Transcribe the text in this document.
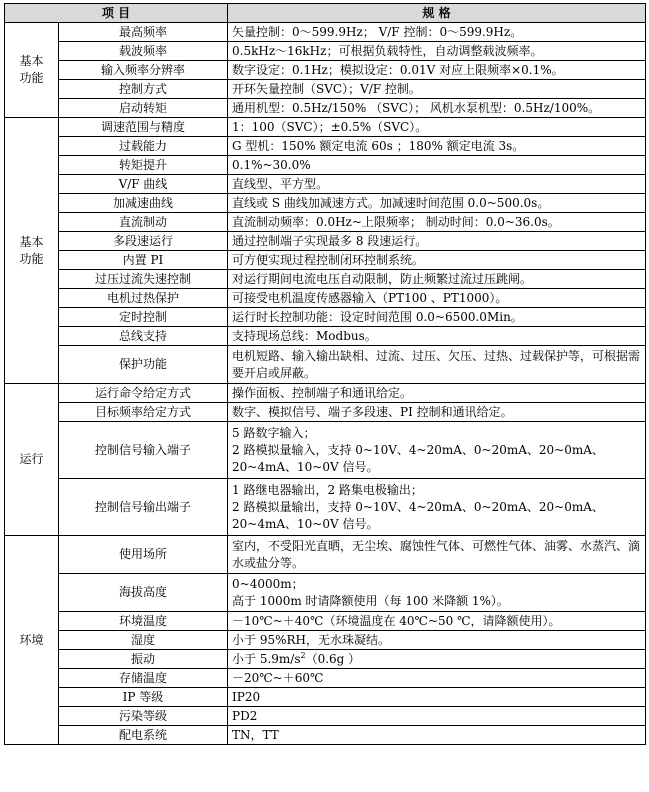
项 目		规 格
基本
功能	最高频率	矢量控制：0～599.9Hz； V/F 控制：0～599.9Hz。
	载波频率	0.5kHz～16kHz；可根据负载特性，自动调整载波频率。
	输入频率分辨率	数字设定：0.1Hz；模拟设定：0.01V 对应上限频率×0.1%。
	控制方式	开环矢量控制（SVC）；V/F 控制。
	启动转矩	通用机型：0.5Hz/150% （SVC）； 风机水泵机型：0.5Hz/100%。
基本
功能	调速范围与精度	1：100（SVC）；±0.5%（SVC）。
	过载能力	G 型机：150% 额定电流 60s ；180% 额定电流 3s。
	转矩提升	0.1%~30.0%
	V/F 曲线	直线型、平方型。
	加减速曲线	直线或 S 曲线加减速方式。加减速时间范围 0.0~500.0s。
	直流制动	直流制动频率：0.0Hz~上限频率； 制动时间：0.0~36.0s。
	多段速运行	通过控制端子实现最多 8 段速运行。
	内置 PI	可方便实现过程控制闭环控制系统。
	过压过流失速控制	对运行期间电流电压自动限制，防止频繁过流过压跳闸。
	电机过热保护	可接受电机温度传感器输入（PT100 、PT1000）。
	定时控制	运行时长控制功能：设定时间范围 0.0~6500.0Min。
	总线支持	支持现场总线：Modbus。
	保护功能	电机短路、输入输出缺相、过流、过压、欠压、过热、过载保护等，可根据需要开启或屏蔽。
运行	运行命令给定方式	操作面板、控制端子和通讯给定。
	目标频率给定方式	数字、模拟信号、端子多段速、PI 控制和通讯给定。
	控制信号输入端子	5 路数字输入；
2 路模拟量输入，支持 0~10V、4~20mA、0~20mA、20~0mA、20~4mA、10~0V 信号。

	控制信号输出端子	1 路继电器输出，2 路集电极输出；
2 路模拟量输出，支持 0~10V、4~20mA、0~20mA、20~0mA、20~4mA、10~0V 信号。

环境	使用场所	室内，不受阳光直晒，无尘埃、腐蚀性气体、可燃性气体、油雾、水蒸汽、滴水或盐分等。
	海拔高度	0~4000m；
高于 1000m 时请降额使用（每 100 米降额 1%）。

	环境温度	－10℃~＋40℃（环境温度在 40℃~50 ℃，请降额使用）。
	湿度	小于 95%RH，无水珠凝结。
	振动	小于 $5.9m/s^2(0.6g$ ）
	存储温度	－20℃~＋60℃
	IP 等级	IP20
	污染等级	PD2
	配电系统	TN，TT
